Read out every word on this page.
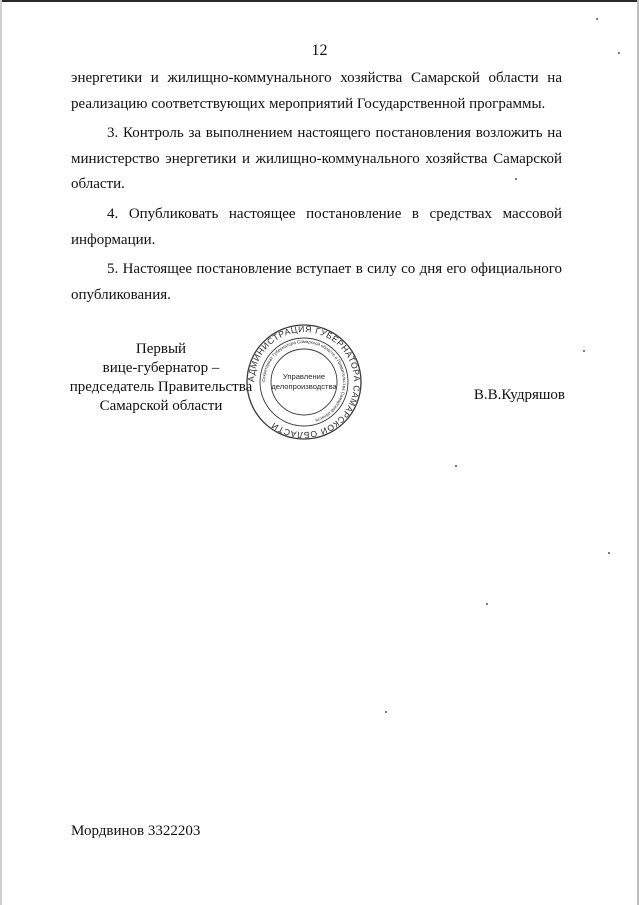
12

энергетики и жилищно-коммунального хозяйства Самарской области на реализацию соответствующих мероприятий Государственной программы.

3. Контроль за выполнением настоящего постановления возложить на министерство энергетики и жилищно-коммунального хозяйства Самарской области.

4. Опубликовать настоящее постановление в средствах массовой информации.

5. Настоящее постановление вступает в силу со дня его официального опубликования.

Первый
вице-губернатор –
председатель Правительства
Самарской области
АДМИНИСТРАЦИЯ ГУБЕРНАТОРА САМАРСКОЙ ОБЛАСТИ
Секретариат Губернатора Самарской области и Правительства Самарской области
Управление
делопроизводства
В.В.Кудряшов
Мордвинов 3322203
